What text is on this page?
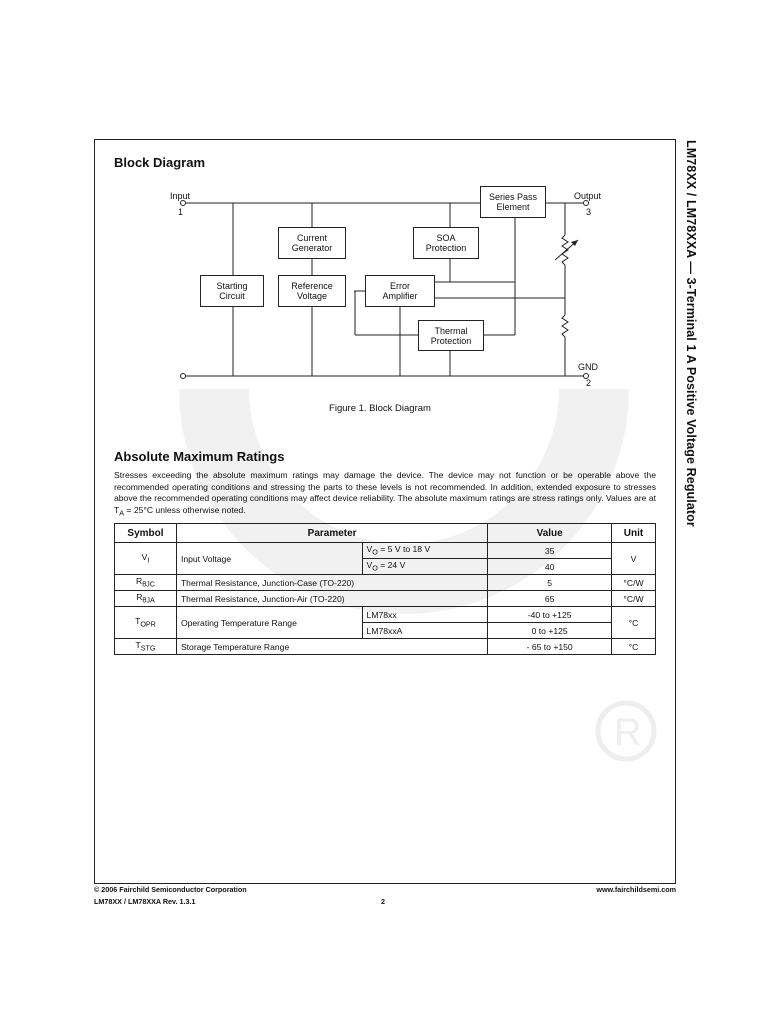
R
LM78XX / LM78XXA — 3-Terminal 1 A Positive Voltage Regulator
Block Diagram
Input
1
Output
3
GND
2
Series Pass
Element
Current
Generator
SOA
Protection
Starting
Circuit
Reference
Voltage
Error
Amplifier
Thermal
Protection
Figure 1. Block Diagram
Absolute Maximum Ratings

Stresses exceeding the absolute maximum ratings may damage the device. The device may not function or be operable above the recommended operating conditions and stressing the parts to these levels is not recommended. In addition, extended exposure to stresses above the recommended operating conditions may affect device reliability. The absolute maximum ratings are stress ratings only. Values are at $T_A = 25^\circ C$ unless otherwise noted.

Symbol	Parameter		Value	Unit
$V_I$	Input Voltage	$V_O = 5$ V to 18 V	35	V
		$V_O = 24$ V	40	
$R_{\theta JC}$	Thermal Resistance, Junction-Case (TO-220)		5	°C/W
$R_{\theta JA}$	Thermal Resistance, Junction-Air (TO-220)		65	°C/W
$T_{OPR}$	Operating Temperature Range	LM78xx	-40 to +125	°C
		LM78xxA	0 to +125	
$T_{STG}$	Storage Temperature Range		- 65 to +150	°C
© 2006 Fairchild Semiconductor Corporation
LM78XX / LM78XXA Rev. 1.3.1	2
www.fairchildsemi.com
